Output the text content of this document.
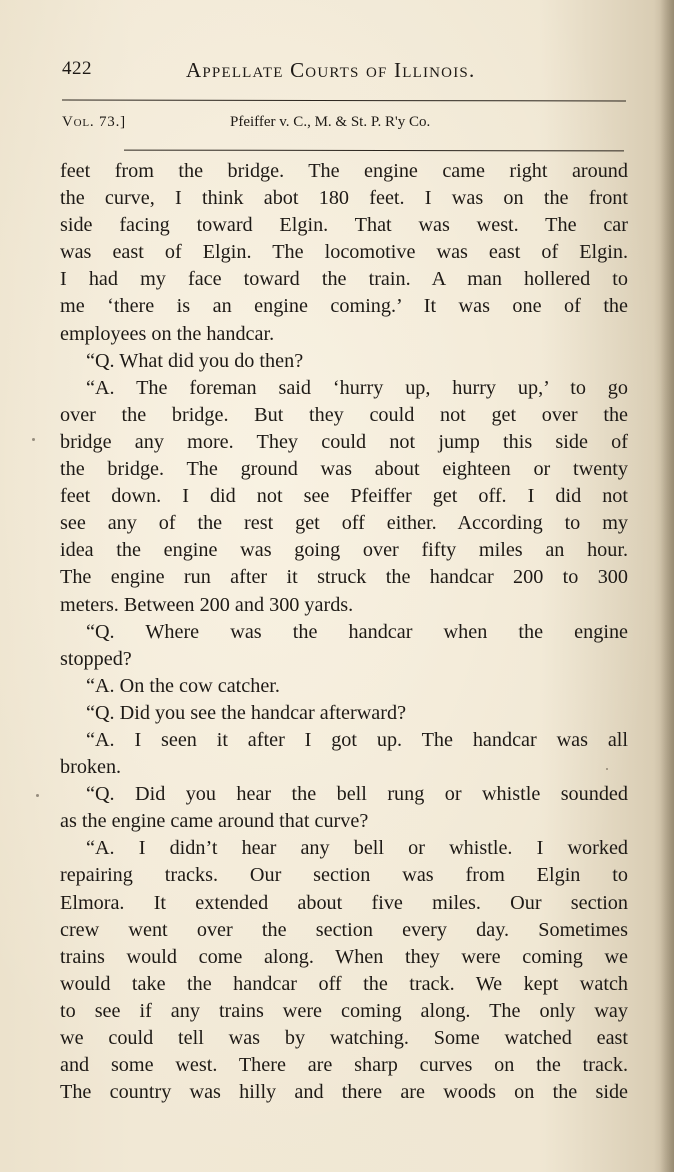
422	Appellate Courts of Illinois.
Vol. 73.]	Pfeiffer v. C., M. & St. P. R'y Co.
feet from the bridge. The engine came right around
the curve, I think abot 180 feet. I was on the front
side facing toward Elgin. That was west. The car
was east of Elgin. The locomotive was east of Elgin.
I had my face toward the train. A man hollered to
me ‘there is an engine coming.’ It was one of the
employees on the handcar.
“Q. What did you do then?
“A. The foreman said ‘hurry up, hurry up,’ to go
over the bridge. But they could not get over the
bridge any more. They could not jump this side of
the bridge. The ground was about eighteen or twenty
feet down. I did not see Pfeiffer get off. I did not
see any of the rest get off either. According to my
idea the engine was going over fifty miles an hour.
The engine run after it struck the handcar 200 to 300
meters. Between 200 and 300 yards.
“Q. Where was the handcar when the engine
stopped?
“A. On the cow catcher.
“Q. Did you see the handcar afterward?
“A. I seen it after I got up. The handcar was all
broken.
“Q. Did you hear the bell rung or whistle sounded
as the engine came around that curve?
“A. I didn’t hear any bell or whistle. I worked
repairing tracks. Our section was from Elgin to
Elmora. It extended about five miles. Our section
crew went over the section every day. Sometimes
trains would come along. When they were coming we
would take the handcar off the track. We kept watch
to see if any trains were coming along. The only way
we could tell was by watching. Some watched east
and some west. There are sharp curves on the track.
The country was hilly and there are woods on the side
